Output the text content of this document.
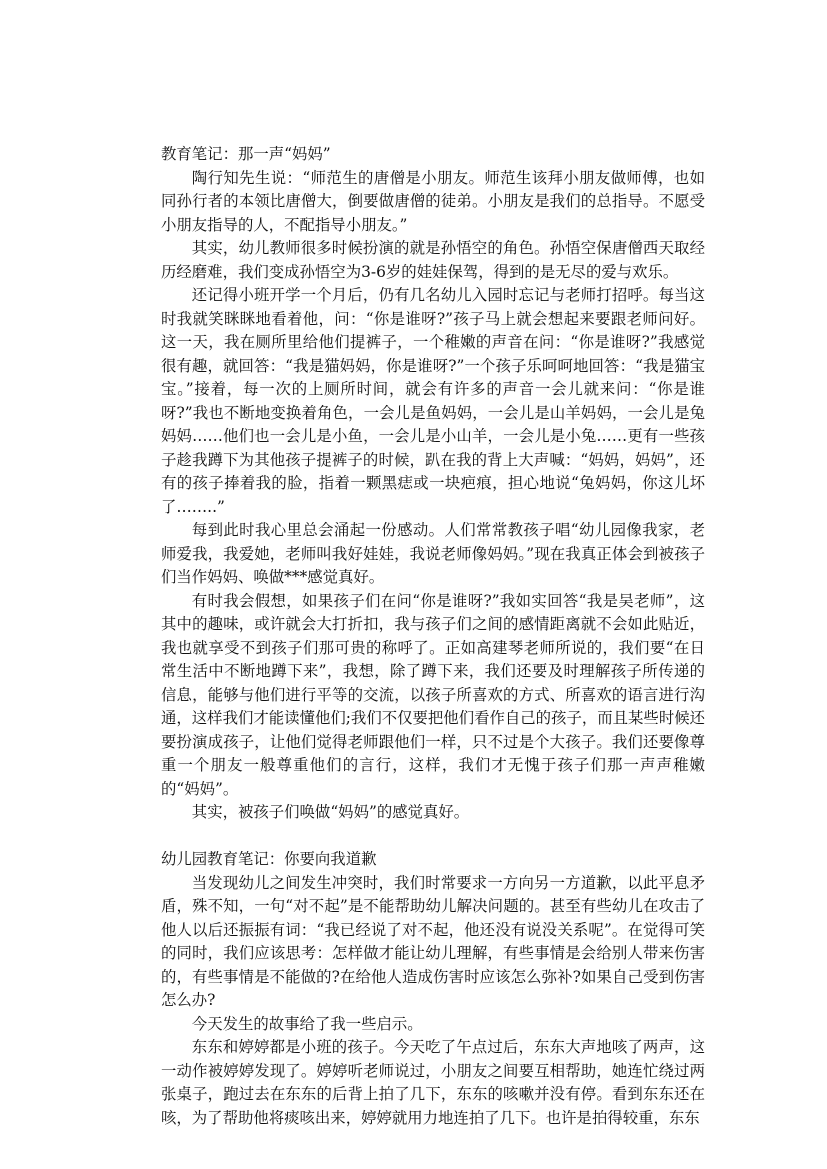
教育笔记：那一声“妈妈”

陶行知先生说：“师范生的唐僧是小朋友。师范生该拜小朋友做师傅，也如同孙行者的本领比唐僧大，倒要做唐僧的徒弟。小朋友是我们的总指导。不愿受小朋友指导的人，不配指导小朋友。”

其实，幼儿教师很多时候扮演的就是孙悟空的角色。孙悟空保唐僧西天取经历经磨难，我们变成孙悟空为3-6岁的娃娃保驾，得到的是无尽的爱与欢乐。

还记得小班开学一个月后，仍有几名幼儿入园时忘记与老师打招呼。每当这时我就笑眯眯地看着他，问：“你是谁呀?”孩子马上就会想起来要跟老师问好。这一天，我在厕所里给他们提裤子，一个稚嫩的声音在问：“你是谁呀?”我感觉很有趣，就回答：“我是猫妈妈，你是谁呀?”一个孩子乐呵呵地回答：“我是猫宝宝。”接着，每一次的上厕所时间，就会有许多的声音一会儿就来问：“你是谁呀?”我也不断地变换着角色，一会儿是鱼妈妈，一会儿是山羊妈妈，一会儿是兔妈妈……他们也一会儿是小鱼，一会儿是小山羊，一会儿是小兔……更有一些孩子趁我蹲下为其他孩子提裤子的时候，趴在我的背上大声喊：“妈妈，妈妈”，还有的孩子捧着我的脸，指着一颗黑痣或一块疤痕，担心地说“兔妈妈，你这儿坏了……..”

每到此时我心里总会涌起一份感动。人们常常教孩子唱“幼儿园像我家，老师爱我，我爱她，老师叫我好娃娃，我说老师像妈妈。”现在我真正体会到被孩子们当作妈妈、唤做***感觉真好。

有时我会假想，如果孩子们在问“你是谁呀?”我如实回答“我是吴老师”，这其中的趣味，或许就会大打折扣，我与孩子们之间的感情距离就不会如此贴近，我也就享受不到孩子们那可贵的称呼了。正如高建琴老师所说的，我们要“在日常生活中不断地蹲下来”，我想，除了蹲下来，我们还要及时理解孩子所传递的信息，能够与他们进行平等的交流，以孩子所喜欢的方式、所喜欢的语言进行沟通，这样我们才能读懂他们;我们不仅要把他们看作自己的孩子，而且某些时候还要扮演成孩子，让他们觉得老师跟他们一样，只不过是个大孩子。我们还要像尊重一个朋友一般尊重他们的言行，这样，我们才无愧于孩子们那一声声稚嫩的“妈妈”。

其实，被孩子们唤做“妈妈”的感觉真好。

幼儿园教育笔记：你要向我道歉

当发现幼儿之间发生冲突时，我们时常要求一方向另一方道歉，以此平息矛盾，殊不知，一句“对不起”是不能帮助幼儿解决问题的。甚至有些幼儿在攻击了他人以后还振振有词：“我已经说了对不起，他还没有说没关系呢”。在觉得可笑的同时，我们应该思考：怎样做才能让幼儿理解，有些事情是会给别人带来伤害的，有些事情是不能做的?在给他人造成伤害时应该怎么弥补?如果自己受到伤害怎么办?

今天发生的故事给了我一些启示。

东东和婷婷都是小班的孩子。今天吃了午点过后，东东大声地咳了两声，这一动作被婷婷发现了。婷婷听老师说过，小朋友之间要互相帮助，她连忙绕过两张桌子，跑过去在东东的后背上拍了几下，东东的咳嗽并没有停。看到东东还在咳，为了帮助他将痰咳出来，婷婷就用力地连拍了几下。也许是拍得较重，东东
